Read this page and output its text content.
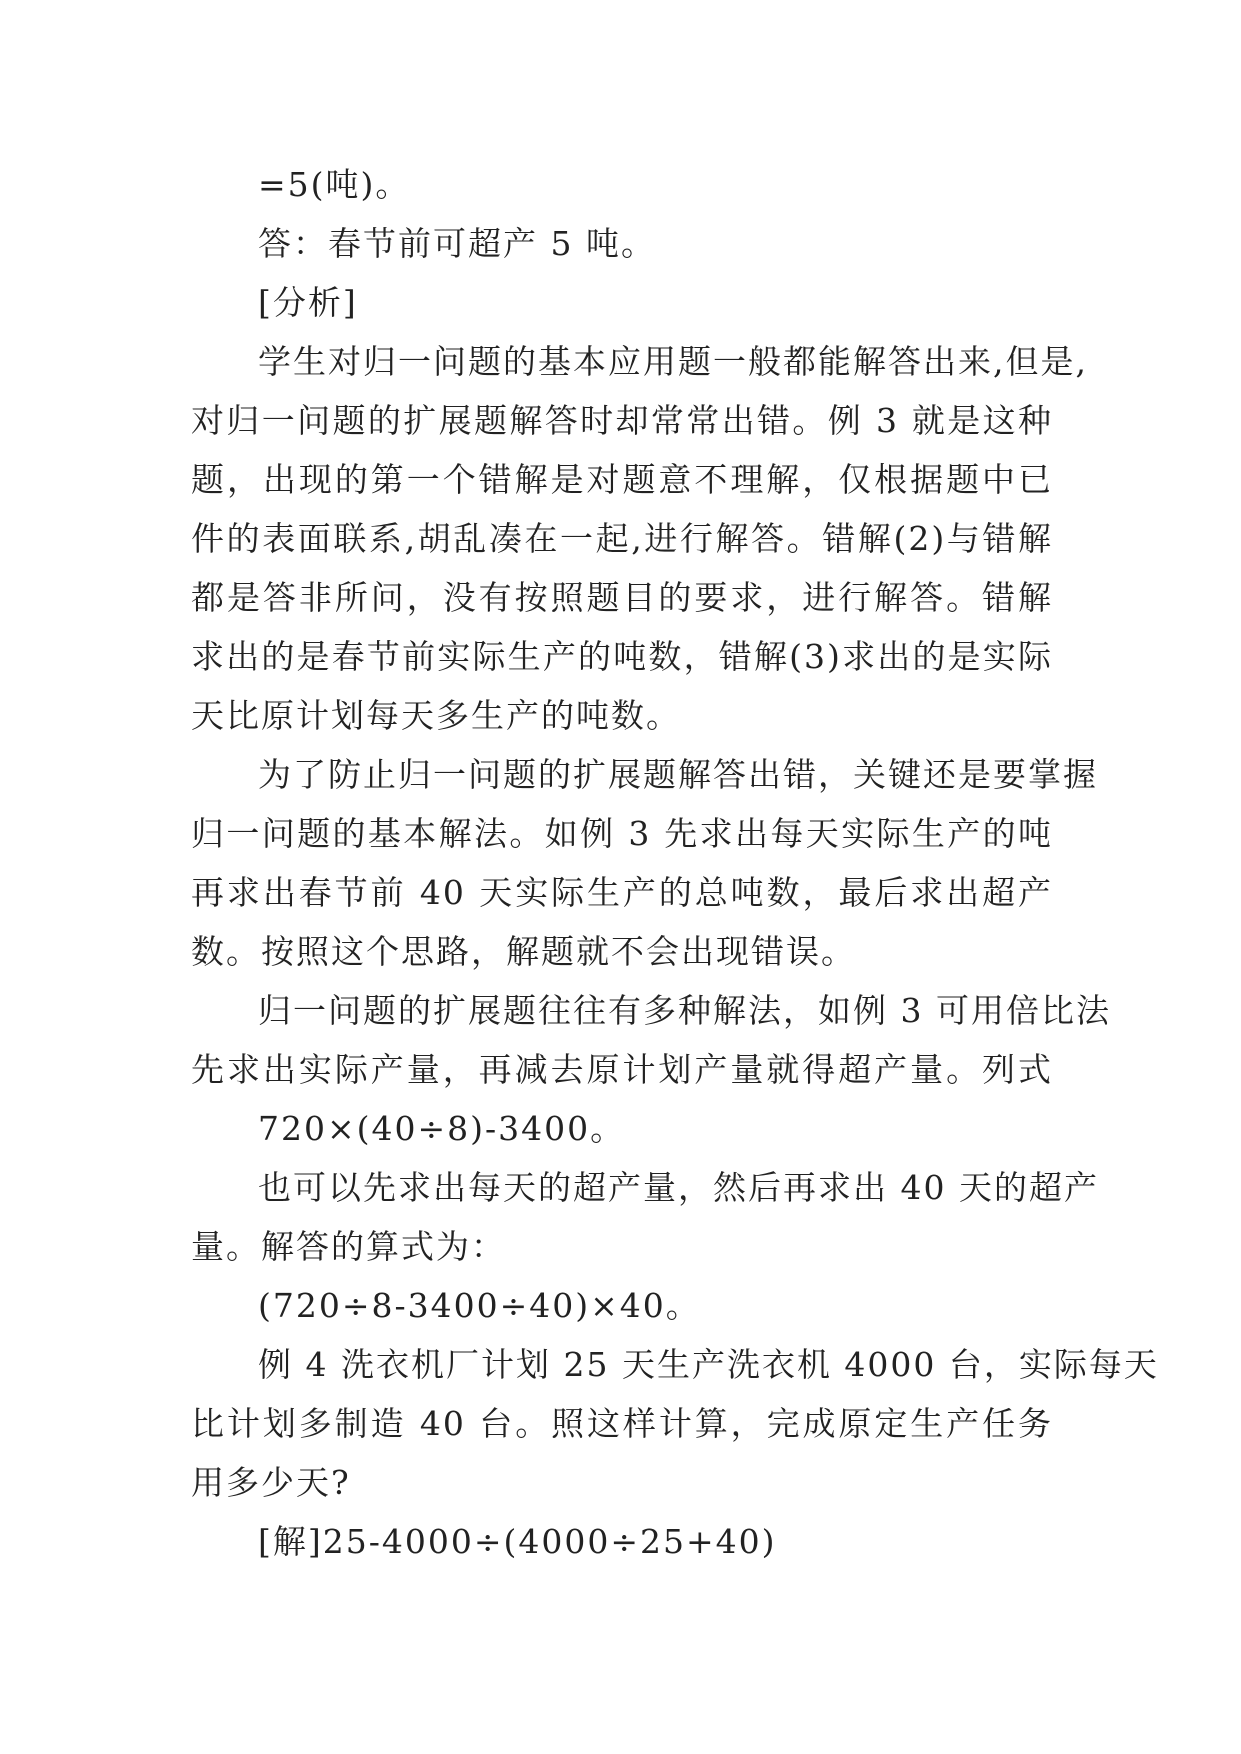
=5(吨)。
答：春节前可超产 5 吨。
[分析]
学生对归一问题的基本应用题一般都能解答出来,但是,
对归一问题的扩展题解答时却常常出错。例 3 就是这种
题，出现的第一个错解是对题意不理解，仅根据题中已
件的表面联系,胡乱凑在一起,进行解答。错解(2)与错解
都是答非所问，没有按照题目的要求，进行解答。错解
求出的是春节前实际生产的吨数，错解(3)求出的是实际
天比原计划每天多生产的吨数。
为了防止归一问题的扩展题解答出错，关键还是要掌握
归一问题的基本解法。如例 3 先求出每天实际生产的吨
再求出春节前 40 天实际生产的总吨数，最后求出超产
数。按照这个思路，解题就不会出现错误。
归一问题的扩展题往往有多种解法，如例 3 可用倍比法
先求出实际产量，再减去原计划产量就得超产量。列式
720×(40÷8)-3400。
也可以先求出每天的超产量，然后再求出 40 天的超产
量。解答的算式为：
(720÷8-3400÷40)×40。
例 4 洗衣机厂计划 25 天生产洗衣机 4000 台，实际每天
比计划多制造 40 台。照这样计算，完成原定生产任务
用多少天?
[解]25-4000÷(4000÷25+40)
